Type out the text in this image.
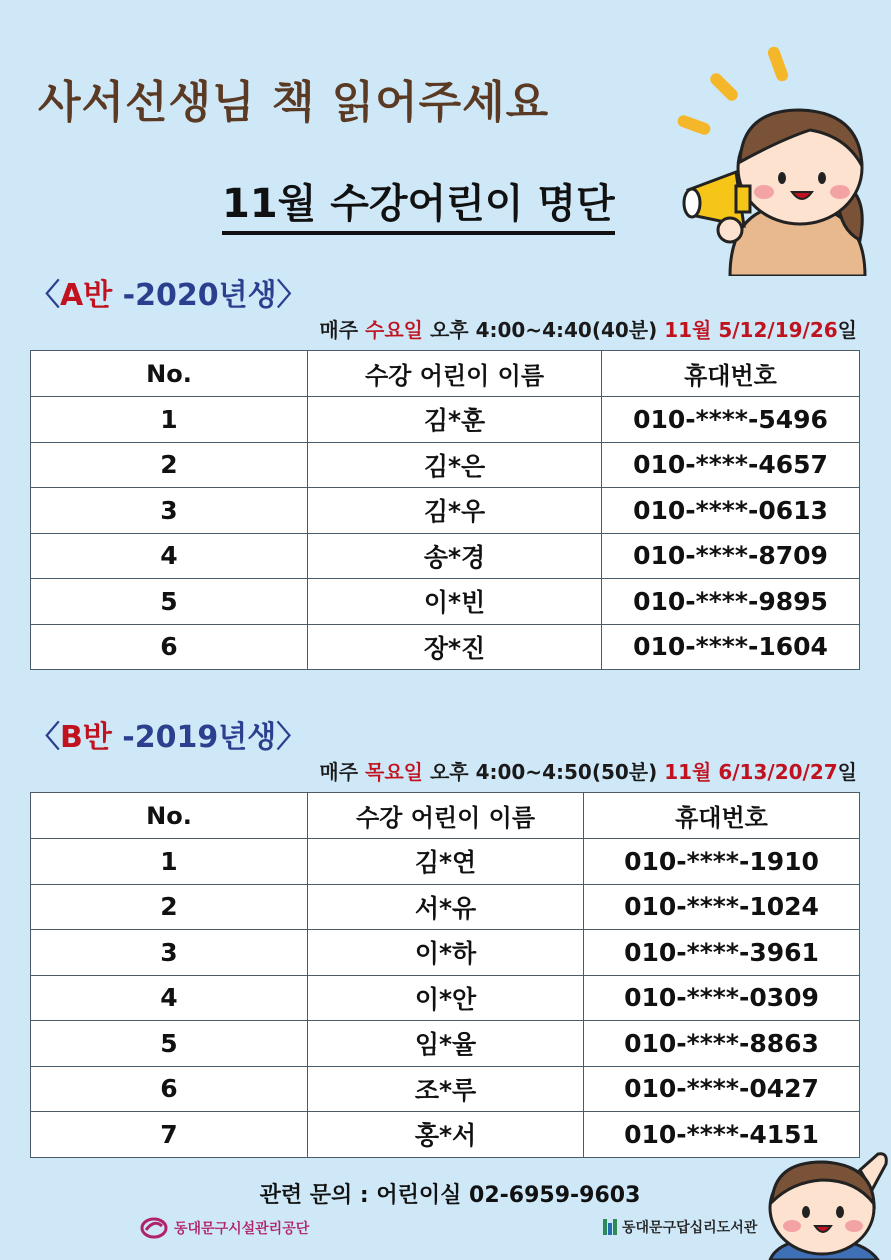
사서선생님 책 읽어주세요
11월 수강어린이 명단
〈A반 -2020년생〉
매주 수요일 오후 4:00~4:40(40분) 11월 5/12/19/26일
No.	수강 어린이 이름	휴대번호
1	김*훈	010-****-5496
2	김*은	010-****-4657
3	김*우	010-****-0613
4	송*경	010-****-8709
5	이*빈	010-****-9895
6	장*진	010-****-1604
〈B반 -2019년생〉
매주 목요일 오후 4:00~4:50(50분) 11월 6/13/20/27일
No.	수강 어린이 이름	휴대번호
1	김*연	010-****-1910
2	서*유	010-****-1024
3	이*하	010-****-3961
4	이*안	010-****-0309
5	임*율	010-****-8863
6	조*루	010-****-0427
7	홍*서	010-****-4151
관련 문의 : 어린이실 02-6959-9603
동대문구시설관리공단	동대문구답십리도서관
